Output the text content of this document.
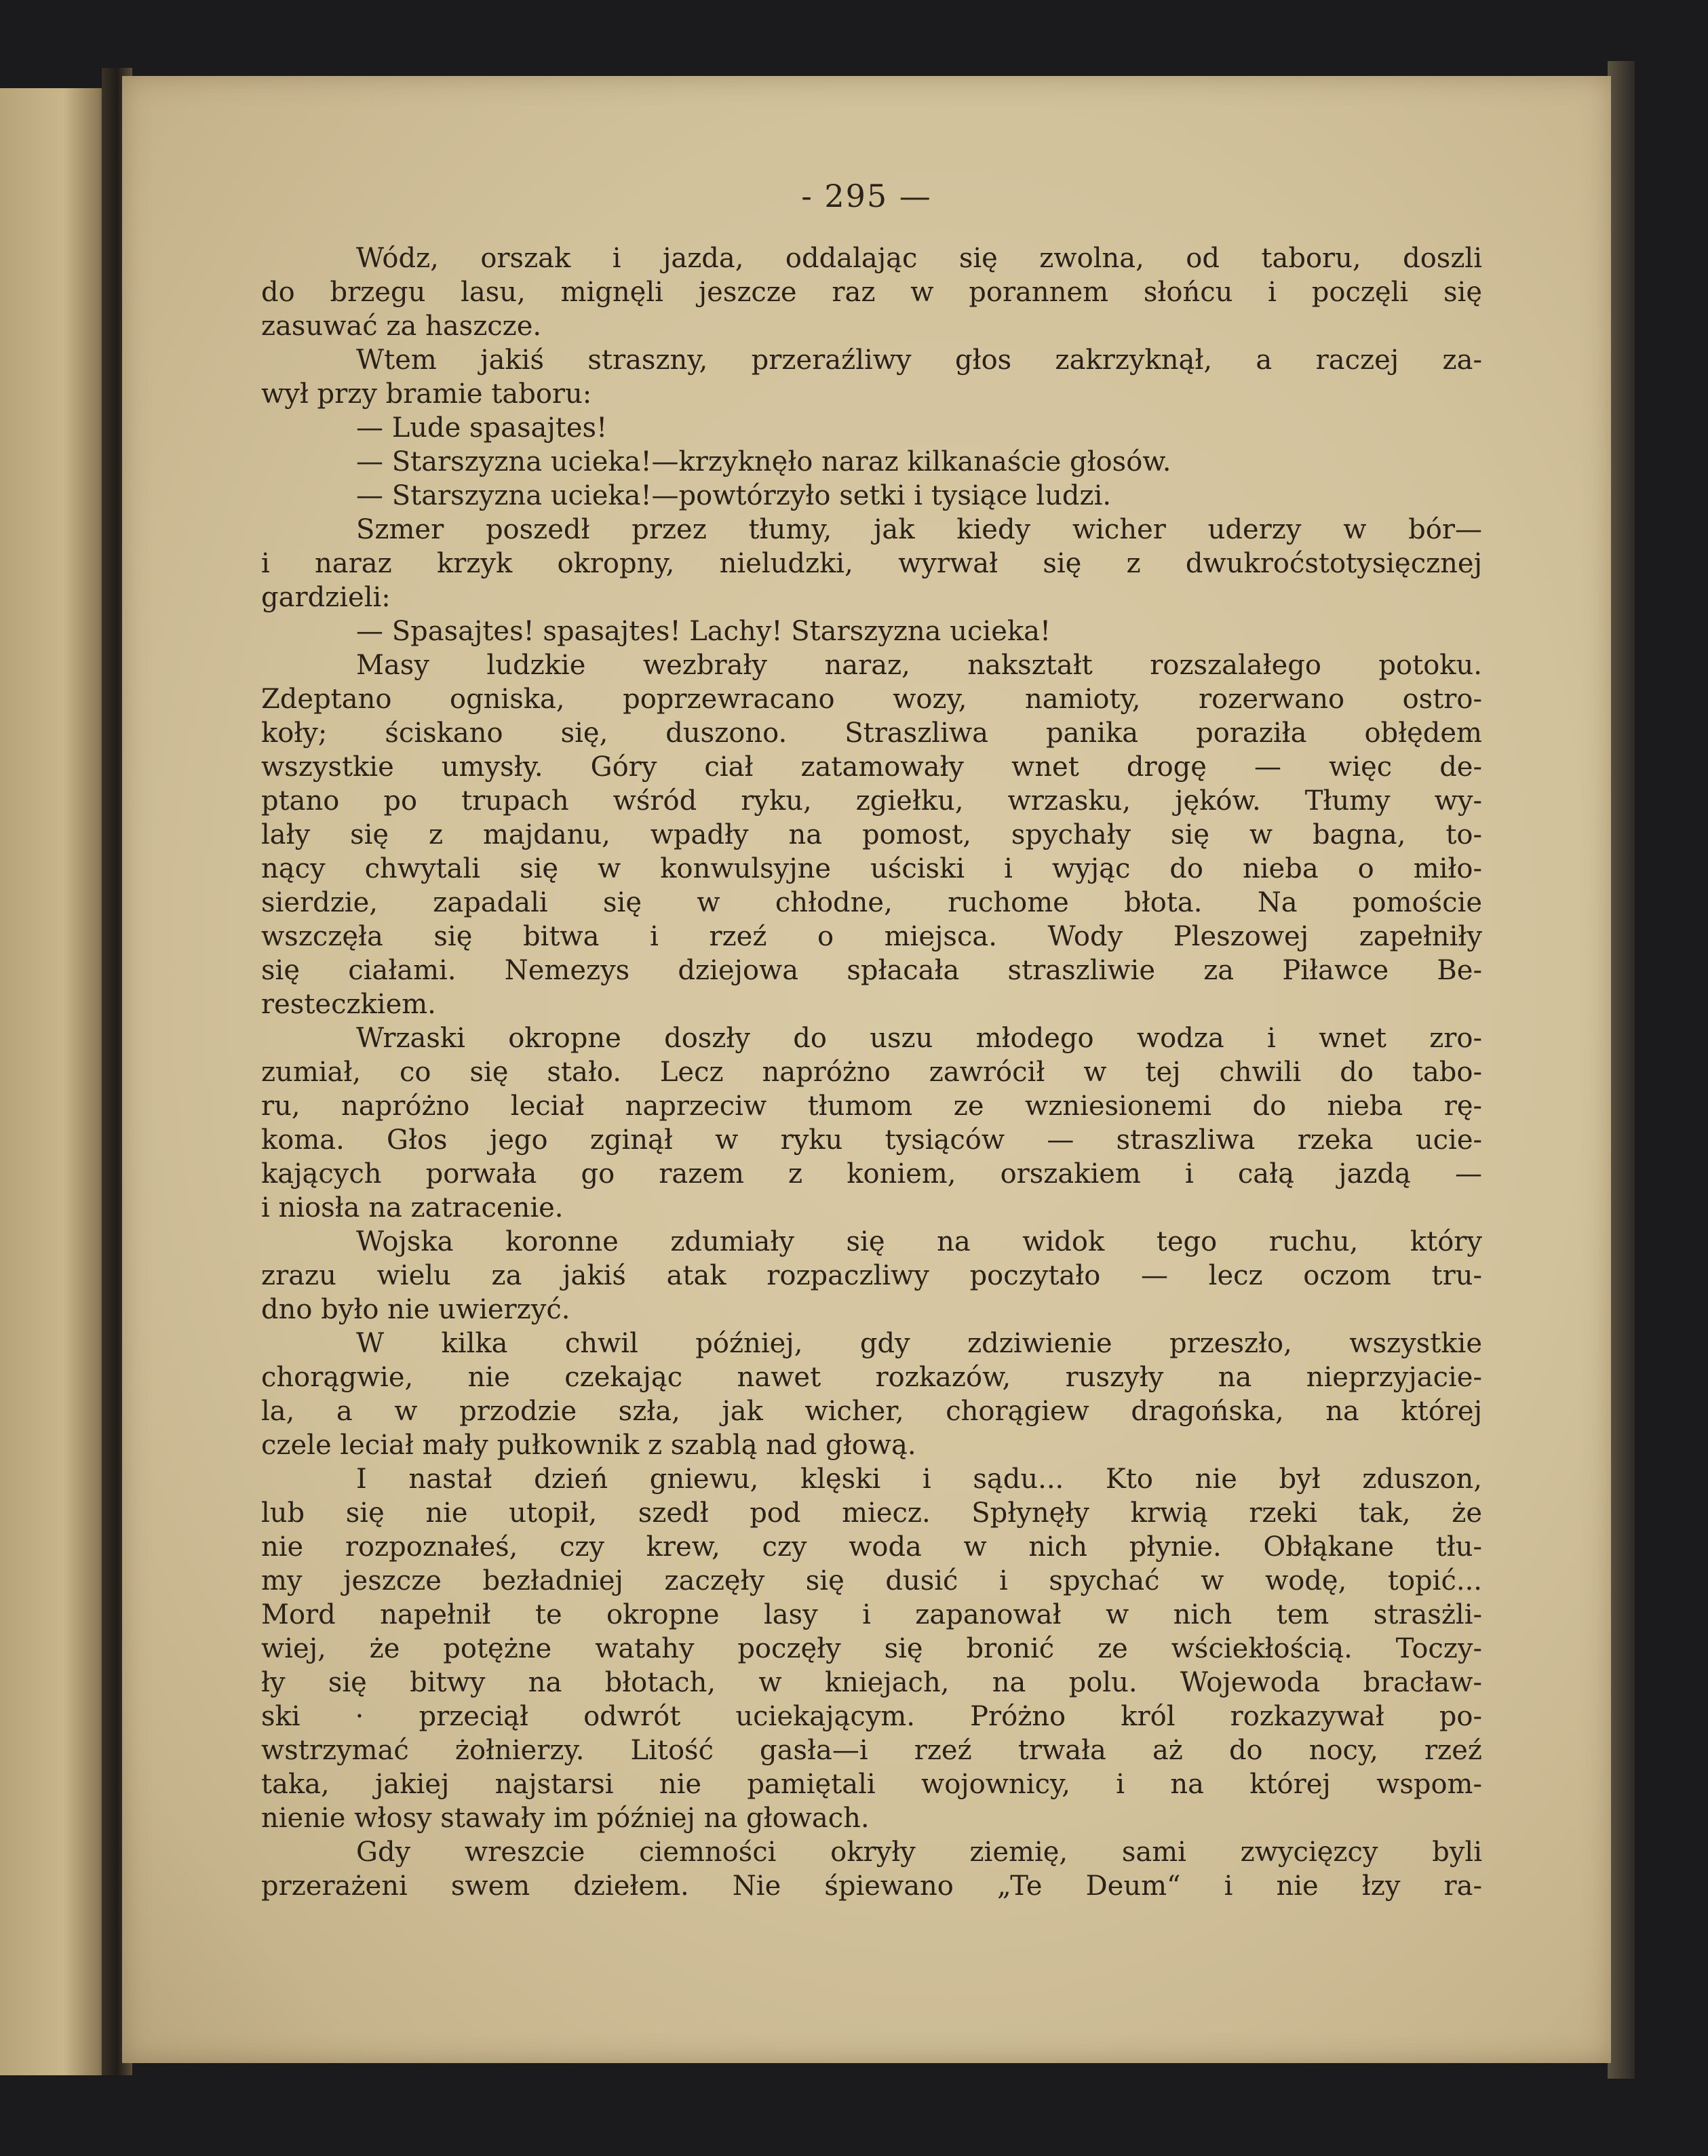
- 295 —
Wódz, orszak i jazda, oddalając się zwolna, od taboru, doszli
do brzegu lasu, mignęli jeszcze raz w porannem słońcu i poczęli się
zasuwać za haszcze.
Wtem jakiś straszny, przeraźliwy głos zakrzyknął, a raczej za-
wył przy bramie taboru:
— Lude spasajtes!
— Starszyzna ucieka!—krzyknęło naraz kilkanaście głosów.
— Starszyzna ucieka!—powtórzyło setki i tysiące ludzi.
Szmer poszedł przez tłumy, jak kiedy wicher uderzy w bór—
i naraz krzyk okropny, nieludzki, wyrwał się z dwukroćstotysięcznej
gardzieli:
— Spasajtes! spasajtes! Lachy! Starszyzna ucieka!
Masy ludzkie wezbrały naraz, nakształt rozszalałego potoku.
Zdeptano ogniska, poprzewracano wozy, namioty, rozerwano ostro-
koły; ściskano się, duszono. Straszliwa panika poraziła obłędem
wszystkie umysły. Góry ciał zatamowały wnet drogę — więc de-
ptano po trupach wśród ryku, zgiełku, wrzasku, jęków. Tłumy wy-
lały się z majdanu, wpadły na pomost, spychały się w bagna, to-
nący chwytali się w konwulsyjne uściski i wyjąc do nieba o miło-
sierdzie, zapadali się w chłodne, ruchome błota. Na pomoście
wszczęła się bitwa i rzeź o miejsca. Wody Pleszowej zapełniły
się ciałami. Nemezys dziejowa spłacała straszliwie za Piławce Be-
resteczkiem.
Wrzaski okropne doszły do uszu młodego wodza i wnet zro-
zumiał, co się stało. Lecz napróżno zawrócił w tej chwili do tabo-
ru, napróżno leciał naprzeciw tłumom ze wzniesionemi do nieba rę-
koma. Głos jego zginął w ryku tysiąców — straszliwa rzeka ucie-
kających porwała go razem z koniem, orszakiem i całą jazdą —
i niosła na zatracenie.
Wojska koronne zdumiały się na widok tego ruchu, który
zrazu wielu za jakiś atak rozpaczliwy poczytało — lecz oczom tru-
dno było nie uwierzyć.
W kilka chwil później, gdy zdziwienie przeszło, wszystkie
chorągwie, nie czekając nawet rozkazów, ruszyły na nieprzyjacie-
la, a w przodzie szła, jak wicher, chorągiew dragońska, na której
czele leciał mały pułkownik z szablą nad głową.
I nastał dzień gniewu, klęski i sądu... Kto nie był zduszon,
lub się nie utopił, szedł pod miecz. Spłynęły krwią rzeki tak, że
nie rozpoznałeś, czy krew, czy woda w nich płynie. Obłąkane tłu-
my jeszcze bezładniej zaczęły się dusić i spychać w wodę, topić...
Mord napełnił te okropne lasy i zapanował w nich tem strasżli-
wiej, że potężne watahy poczęły się bronić ze wściekłością. Toczy-
ły się bitwy na błotach, w kniejach, na polu. Wojewoda bracław-
ski · przeciął odwrót uciekającym. Próżno król rozkazywał po-
wstrzymać żołnierzy. Litość gasła—i rzeź trwała aż do nocy, rzeź
taka, jakiej najstarsi nie pamiętali wojownicy, i na której wspom-
nienie włosy stawały im później na głowach.
Gdy wreszcie ciemności okryły ziemię, sami zwycięzcy byli
przerażeni swem dziełem. Nie śpiewano „Te Deum“ i nie łzy ra-
